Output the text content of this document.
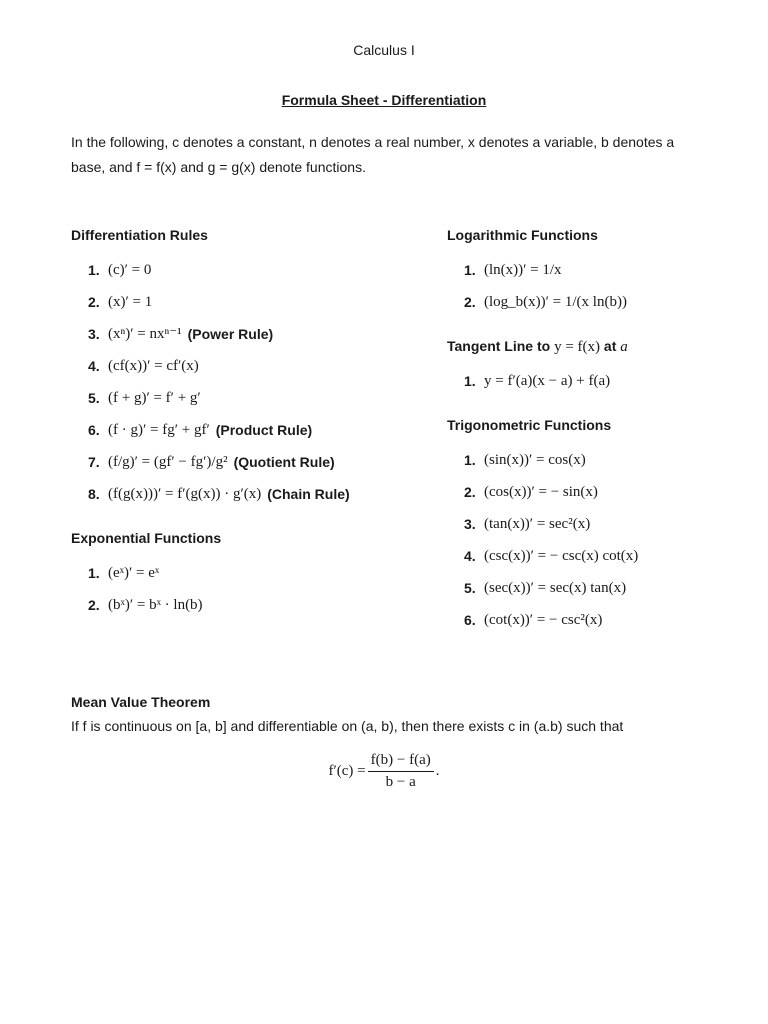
Calculus I
Formula Sheet - Differentiation
In the following, c denotes a constant, n denotes a real number, x denotes a variable, b denotes a base, and f = f(x) and g = g(x) denote functions.
Differentiation Rules
1. (c)′ = 0
2. (x)′ = 1
3. (xⁿ)′ = nxⁿ⁻¹ (Power Rule)
4. (cf(x))′ = cf′(x)
5. (f + g)′ = f′ + g′
6. (f · g)′ = fg′ + gf′ (Product Rule)
7. (f/g)′ = (gf′ − fg′)/g² (Quotient Rule)
8. (f(g(x)))′ = f′(g(x)) · g′(x) (Chain Rule)
Exponential Functions
1. (eˣ)′ = eˣ
2. (bˣ)′ = bˣ · ln(b)
Logarithmic Functions
1. (ln(x))′ = 1/x
2. (log_b(x))′ = 1/(x ln(b))
Tangent Line to y = f(x) at a
1. y = f′(a)(x − a) + f(a)
Trigonometric Functions
1. (sin(x))′ = cos(x)
2. (cos(x))′ = − sin(x)
3. (tan(x))′ = sec²(x)
4. (csc(x))′ = − csc(x) cot(x)
5. (sec(x))′ = sec(x) tan(x)
6. (cot(x))′ = − csc²(x)
Mean Value Theorem
If f is continuous on [a, b] and differentiable on (a, b), then there exists c in (a.b) such that
$f'(c) = \frac{f(b) - f(a)}{b - a}$ .
